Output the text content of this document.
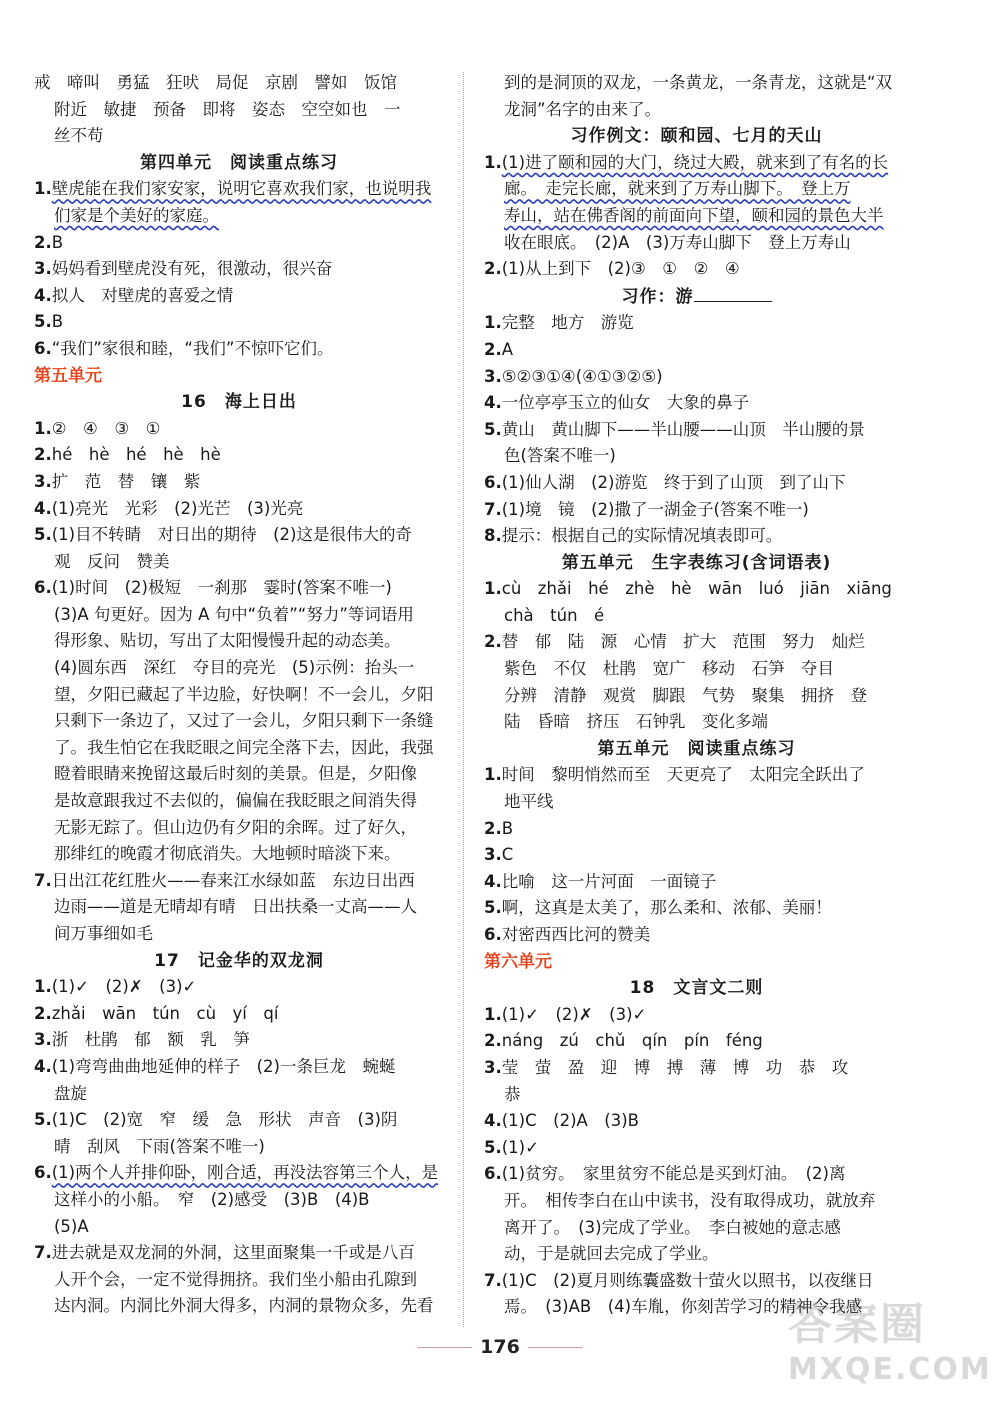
戒　啼叫　勇猛　狂吠　局促　京剧　譬如　饭馆
附近　敏捷　预备　即将　姿态　空空如也　一
丝不苟
第四单元　阅读重点练习
1.壁虎能在我们家安家，说明它喜欢我们家，也说明我
们家是个美好的家庭。
2.B
3.妈妈看到壁虎没有死，很激动，很兴奋
4.拟人　对壁虎的喜爱之情
5.B
6.“我们”家很和睦，“我们”不惊吓它们。
第五单元
16　海上日出
1.②　④　③　①
2.hé　hè　hé　hè　hè
3.扩　范　替　镶　紫
4.(1)亮光　光彩　(2)光芒　(3)光亮
5.(1)目不转睛　对日出的期待　(2)这是很伟大的奇
观　反问　赞美
6.(1)时间　(2)极短　一刹那　霎时(答案不唯一)
(3)A 句更好。因为 A 句中“负着”“努力”等词语用
得形象、贴切，写出了太阳慢慢升起的动态美。
(4)圆东西　深红　夺目的亮光　(5)示例：抬头一
望，夕阳已藏起了半边脸，好快啊！不一会儿，夕阳
只剩下一条边了，又过了一会儿，夕阳只剩下一条缝
了。我生怕它在我眨眼之间完全落下去，因此，我强
瞪着眼睛来挽留这最后时刻的美景。但是，夕阳像
是故意跟我过不去似的，偏偏在我眨眼之间消失得
无影无踪了。但山边仍有夕阳的余晖。过了好久，
那绯红的晚霞才彻底消失。大地顿时暗淡下来。
7.日出江花红胜火——春来江水绿如蓝　东边日出西
边雨——道是无晴却有晴　日出扶桑一丈高——人
间万事细如毛
17　记金华的双龙洞
1.(1)✓　(2)✗　(3)✓
2.zhǎi　wān　tún　cù　yí　qí
3.浙　杜鹃　郁　额　乳　笋
4.(1)弯弯曲曲地延伸的样子　(2)一条巨龙　蜿蜒
盘旋
5.(1)C　(2)宽　窄　缓　急　形状　声音　(3)阴
晴　刮风　下雨(答案不唯一)
6.(1)两个人并排仰卧，刚合适，再没法容第三个人，是
这样小的小船。　窄　(2)感受　(3)B　(4)B
(5)A
7.进去就是双龙洞的外洞，这里面聚集一千或是八百
人开个会，一定不觉得拥挤。我们坐小船由孔隙到
达内洞。内洞比外洞大得多，内洞的景物众多，先看
到的是洞顶的双龙，一条黄龙，一条青龙，这就是“双
龙洞”名字的由来了。
习作例文：颐和园、七月的天山
1.(1)进了颐和园的大门，绕过大殿，就来到了有名的长
廊。　走完长廊，就来到了万寿山脚下。　登上万
寿山，站在佛香阁的前面向下望，颐和园的景色大半
收在眼底。　(2)A　(3)万寿山脚下　登上万寿山
2.(1)从上到下　(2)③　①　②　④
习作：游
1.完整　地方　游览
2.A
3.⑤②③①④(④①③②⑤)
4.一位亭亭玉立的仙女　大象的鼻子
5.黄山　黄山脚下——半山腰——山顶　半山腰的景
色(答案不唯一)
6.(1)仙人湖　(2)游览　终于到了山顶　到了山下
7.(1)境　镜　(2)撒了一湖金子(答案不唯一)
8.提示：根据自己的实际情况填表即可。
第五单元　生字表练习(含词语表)
1.cù　zhǎi　hé　zhè　hè　wān　luó　jiān　xiāng
chà　tún　é
2.替　郁　陆　源　心情　扩大　范围　努力　灿烂
紫色　不仅　杜鹃　宽广　移动　石笋　夺目
分辨　清静　观赏　脚跟　气势　聚集　拥挤　登
陆　昏暗　挤压　石钟乳　变化多端
第五单元　阅读重点练习
1.时间　黎明悄然而至　天更亮了　太阳完全跃出了
地平线
2.B
3.C
4.比喻　这一片河面　一面镜子
5.啊，这真是太美了，那么柔和、浓郁、美丽！
6.对密西西比河的赞美
第六单元
18　文言文二则
1.(1)✓　(2)✗　(3)✓
2.náng　zú　chǔ　qín　pín　féng
3.莹　萤　盈　迎　博　搏　薄　博　功　恭　攻
恭
4.(1)C　(2)A　(3)B
5.(1)✓
6.(1)贫穷。　家里贫穷不能总是买到灯油。　(2)离
开。　相传李白在山中读书，没有取得成功，就放弃
离开了。　(3)完成了学业。　李白被她的意志感
动，于是就回去完成了学业。
7.(1)C　(2)夏月则练囊盛数十萤火以照书，以夜继日
焉。　(3)AB　(4)车胤，你刻苦学习的精神令我感
176	答案圈
MXQE.COM
